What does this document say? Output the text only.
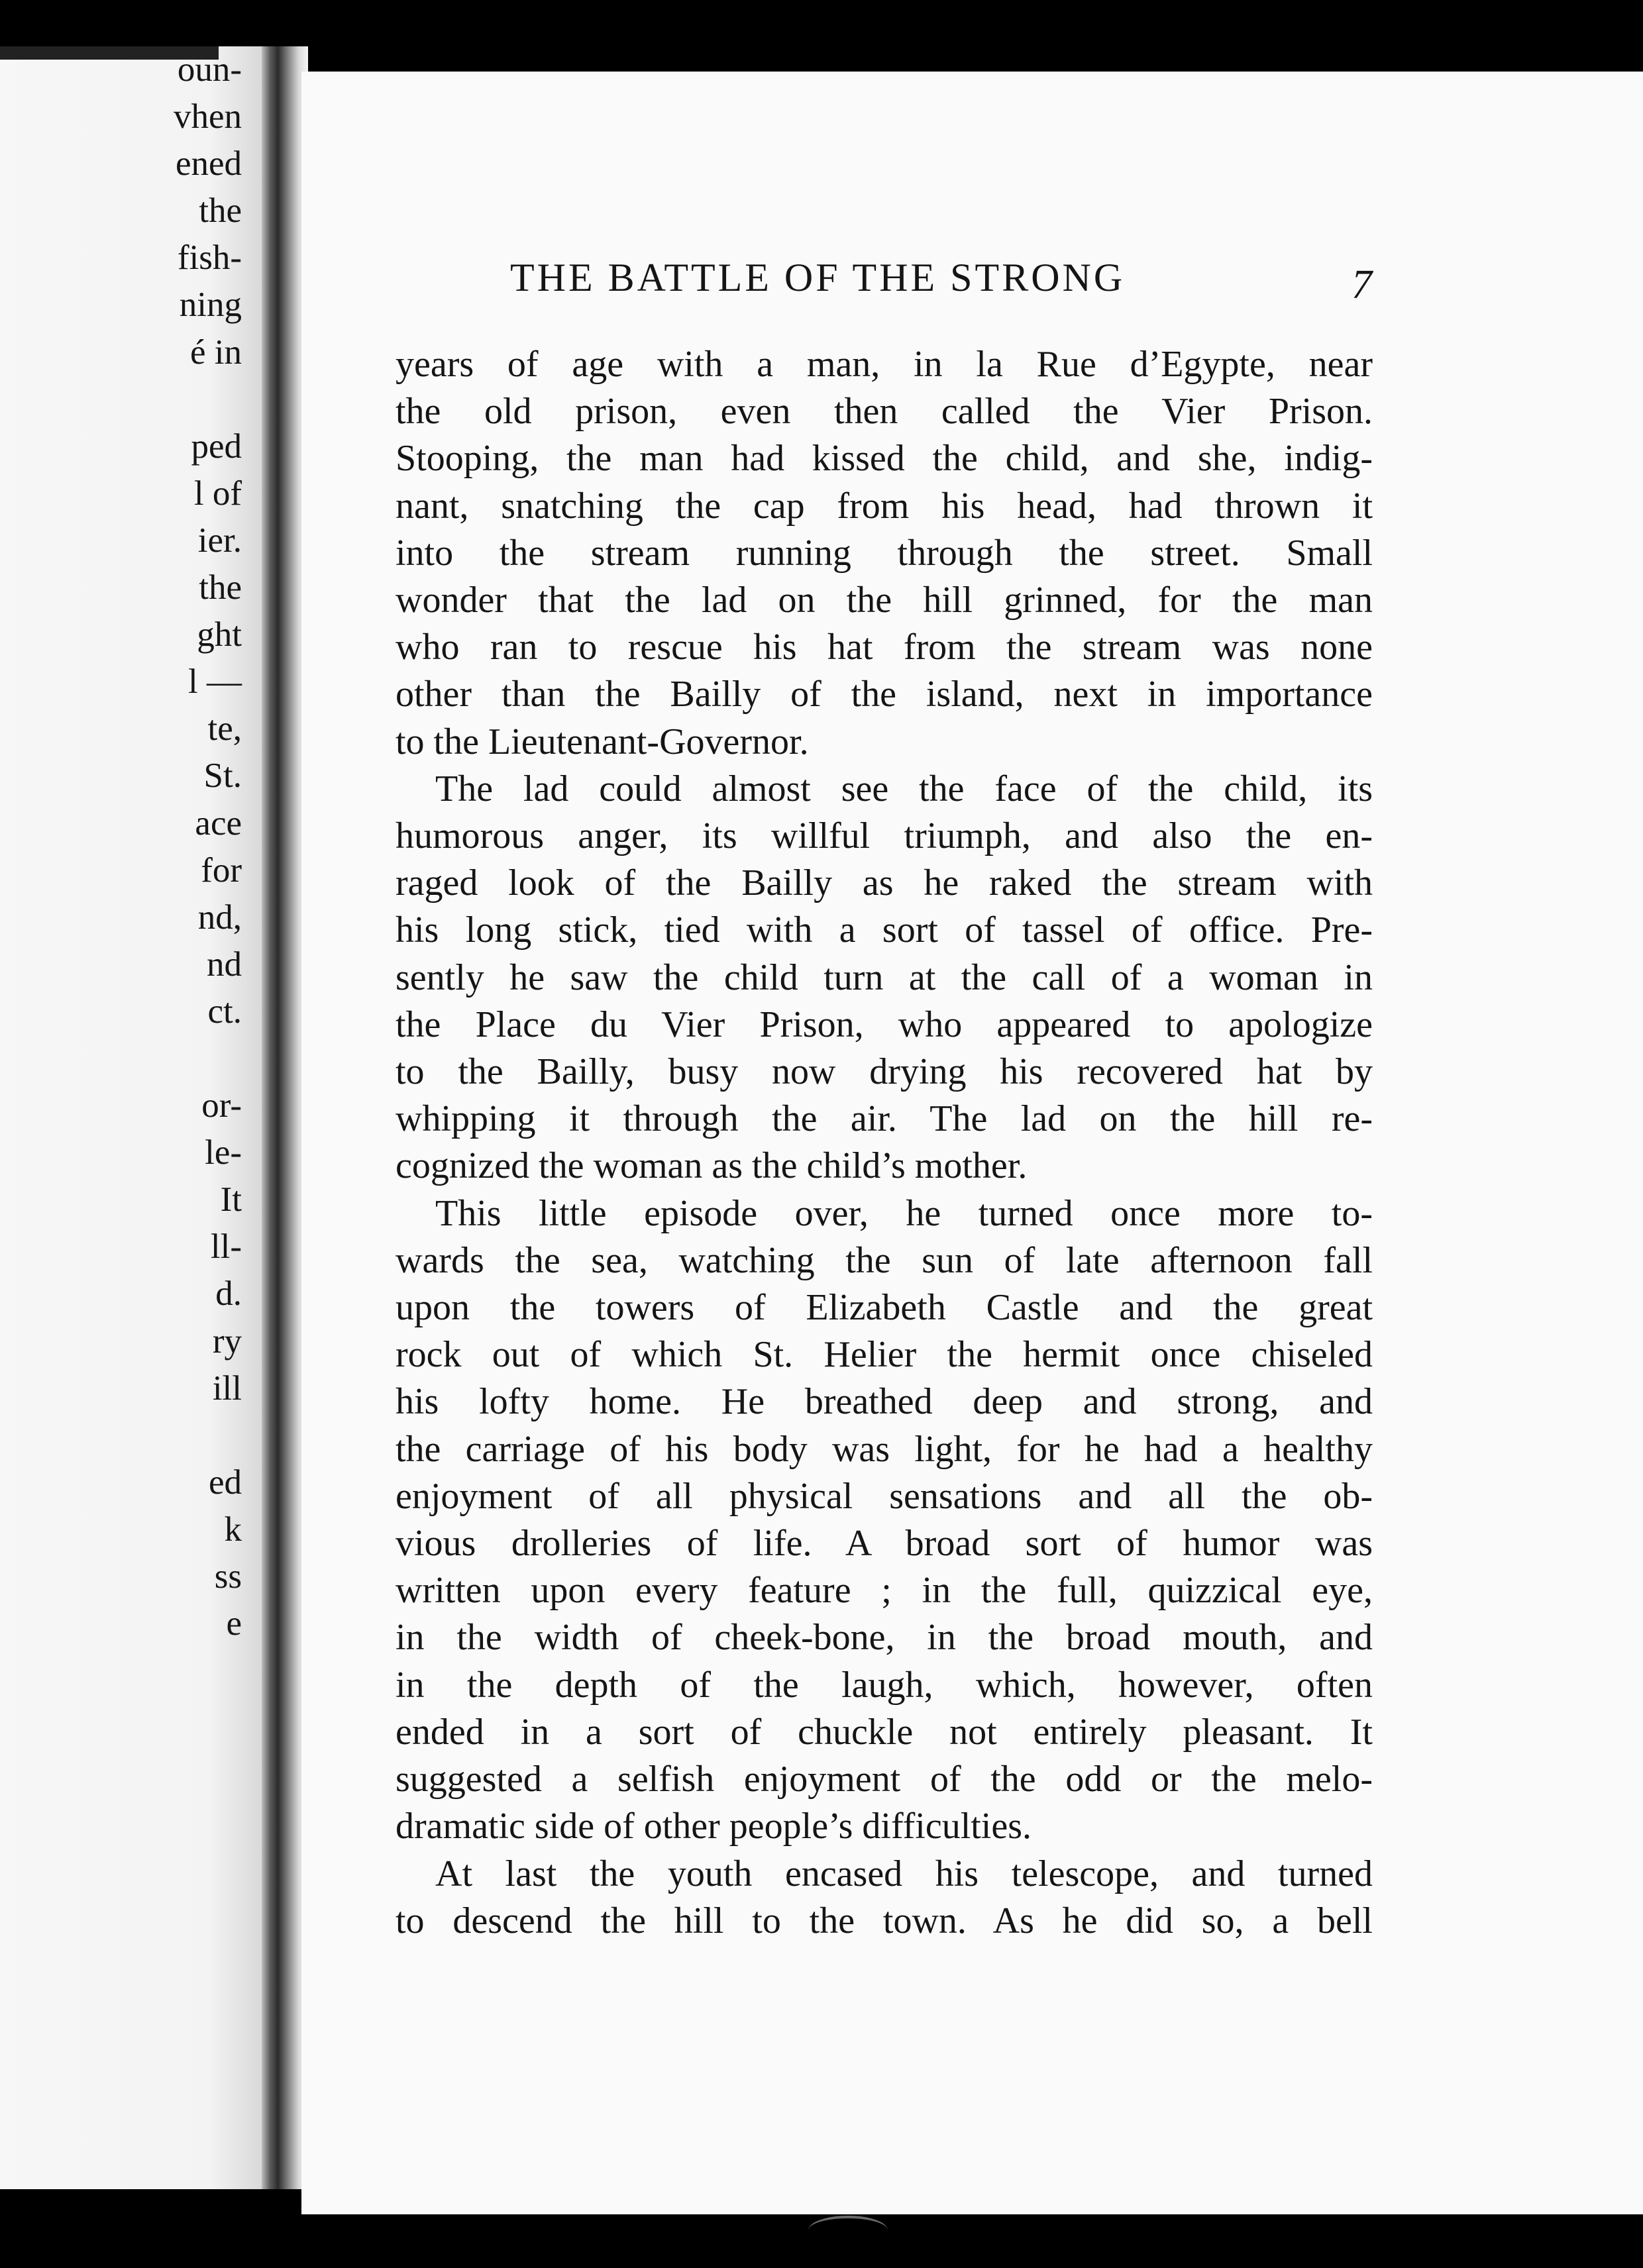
oun-
vhen
ened
the
fish-
ning
é in
ped
l of
ier.
the
ght
l —
te,
St.
ace
for
nd,
nd
ct.
or-
le-
It
ll-
d.
ry
ill
ed
k
ss
e
THE BATTLE OF THE STRONG	7

years of age with a man, in la Rue d’Egypte, near
the old prison, even then called the Vier Prison.
Stooping, the man had kissed the child, and she, indig-
nant, snatching the cap from his head, had thrown it
into the stream running through the street. Small
wonder that the lad on the hill grinned, for the man
who ran to rescue his hat from the stream was none
other than the Bailly of the island, next in importance
to the Lieutenant-Governor.

The lad could almost see the face of the child, its
humorous anger, its willful triumph, and also the en-
raged look of the Bailly as he raked the stream with
his long stick, tied with a sort of tassel of office. Pre-
sently he saw the child turn at the call of a woman in
the Place du Vier Prison, who appeared to apologize
to the Bailly, busy now drying his recovered hat by
whipping it through the air. The lad on the hill re-
cognized the woman as the child’s mother.

This little episode over, he turned once more to-
wards the sea, watching the sun of late afternoon fall
upon the towers of Elizabeth Castle and the great
rock out of which St. Helier the hermit once chiseled
his lofty home. He breathed deep and strong, and
the carriage of his body was light, for he had a healthy
enjoyment of all physical sensations and all the ob-
vious drolleries of life. A broad sort of humor was
written upon every feature ; in the full, quizzical eye,
in the width of cheek-bone, in the broad mouth, and
in the depth of the laugh, which, however, often
ended in a sort of chuckle not entirely pleasant. It
suggested a selfish enjoyment of the odd or the melo-
dramatic side of other people’s difficulties.

At last the youth encased his telescope, and turned
to descend the hill to the town. As he did so, a bell
